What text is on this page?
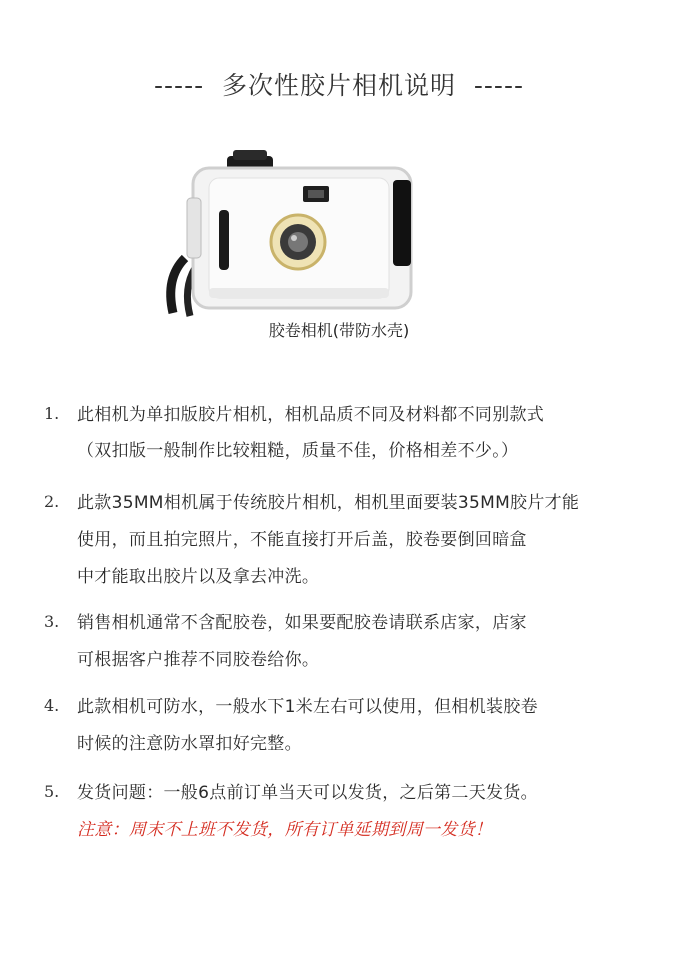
-----  多次性胶片相机说明  -----
胶卷相机(带防水壳)
1. 此相机为单扣版胶片相机，相机品质不同及材料都不同别款式
（双扣版一般制作比较粗糙，质量不佳，价格相差不少。）
2. 此款35MM相机属于传统胶片相机，相机里面要装35MM胶片才能
使用，而且拍完照片，不能直接打开后盖，胶卷要倒回暗盒
中才能取出胶片以及拿去冲洗。
3. 销售相机通常不含配胶卷，如果要配胶卷请联系店家，店家
可根据客户推荐不同胶卷给你。
4. 此款相机可防水，一般水下1米左右可以使用，但相机装胶卷
时候的注意防水罩扣好完整。
5. 发货问题：一般6点前订单当天可以发货，之后第二天发货。
注意：周末不上班不发货，所有订单延期到周一发货！
